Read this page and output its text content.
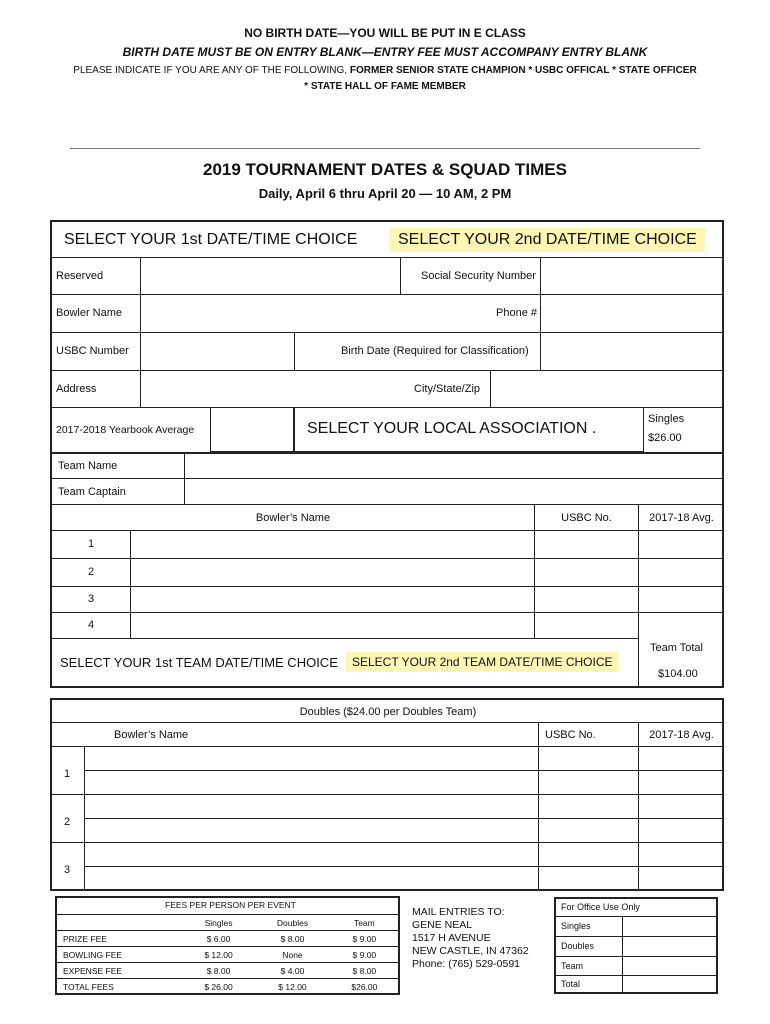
NO BIRTH DATE—YOU WILL BE PUT IN E CLASS
BIRTH DATE MUST BE ON ENTRY BLANK—ENTRY FEE MUST ACCOMPANY ENTRY BLANK
PLEASE INDICATE IF YOU ARE ANY OF THE FOLLOWING, FORMER SENIOR STATE CHAMPION * USBC OFFICAL * STATE OFFICER
* STATE HALL OF FAME MEMBER
2019 TOURNAMENT DATES & SQUAD TIMES
Daily, April 6 thru April 20 — 10 AM, 2 PM
SELECT YOUR 1st DATE/TIME CHOICE	SELECT YOUR 2nd DATE/TIME CHOICE
Reserved	Social Security Number
Bowler Name	Phone #
USBC Number	Birth Date (Required for Classification)
Address	City/State/Zip
2017-2018 Yearbook Average	SELECT YOUR LOCAL ASSOCIATION .
Singles
$26.00
Team Name
Team Captain
Bowler’s Name	USBC No.	2017-18 Avg.
1
2
3
4
SELECT YOUR 1st TEAM DATE/TIME CHOICE	SELECT YOUR 2nd TEAM DATE/TIME CHOICE
Team Total
$104.00
Doubles ($24.00 per Doubles Team)
Bowler’s Name	USBC No.	2017-18 Avg.
1
2
3
FEES PER PERSON PER EVENT
	Singles	Doubles	Team
PRIZE FEE	$ 6.00	$ 8.00	$ 9.00
BOWLING FEE	$ 12.00	None	$ 9.00
EXPENSE FEE	$ 8.00	$ 4.00	$ 8.00
TOTAL FEES	$ 26.00	$ 12.00	$26.00
MAIL ENTRIES TO:
GENE NEAL
1517 H AVENUE
NEW CASTLE, IN 47362
Phone: (765) 529-0591
For Office Use Only
Singles
Doubles
Team
Total
